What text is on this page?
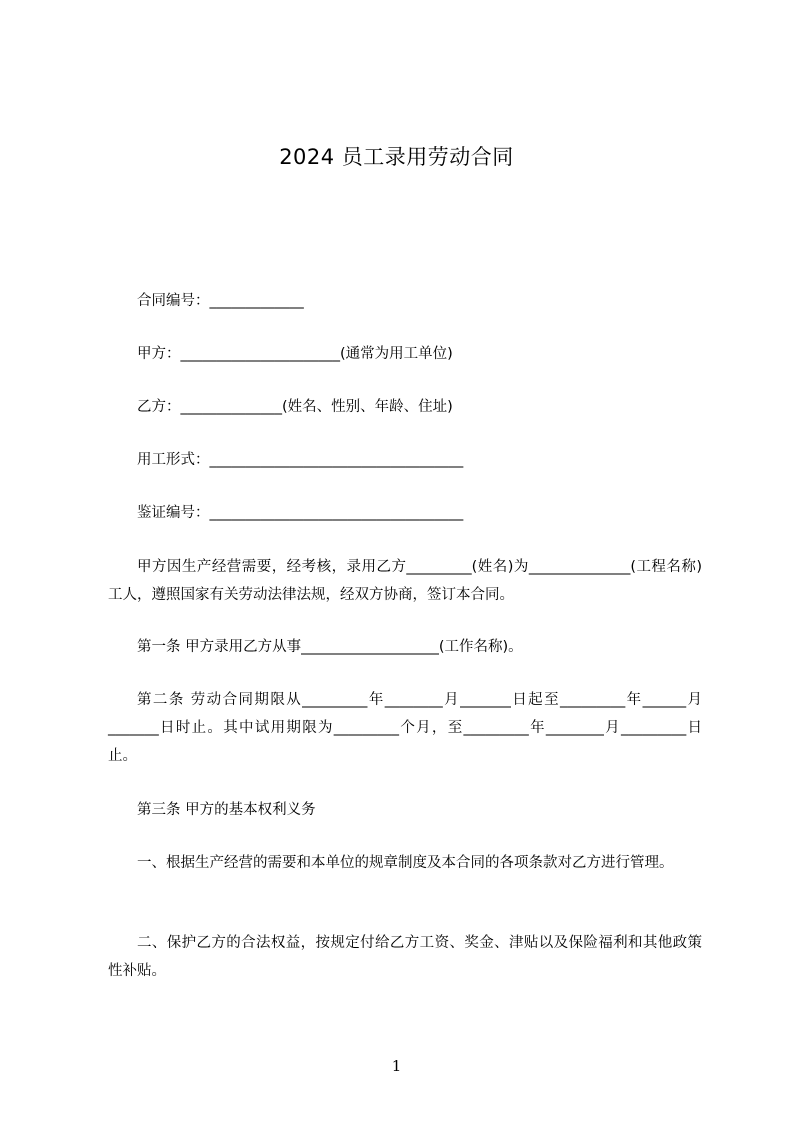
2024 员工录用劳动合同
合同编号：_____________
甲方：______________________(通常为用工单位)
乙方：______________(姓名、性别、年龄、住址)
用工形式：___________________________________
鉴证编号：___________________________________
甲方因生产经营需要，经考核，录用乙方_________(姓名)为______________(工程名称)工人，遵照国家有关劳动法律法规，经双方协商，签订本合同。
第一条 甲方录用乙方从事___________________(工作名称)。
第二条 劳动合同期限从_________年________月_______日起至_________年______月_______日时止。其中试用期限为_________个月，至_________年________月_________日止。
第三条 甲方的基本权利义务
一、根据生产经营的需要和本单位的规章制度及本合同的各项条款对乙方进行管理。
二、保护乙方的合法权益，按规定付给乙方工资、奖金、津贴以及保险福利和其他政策性补贴。
1
